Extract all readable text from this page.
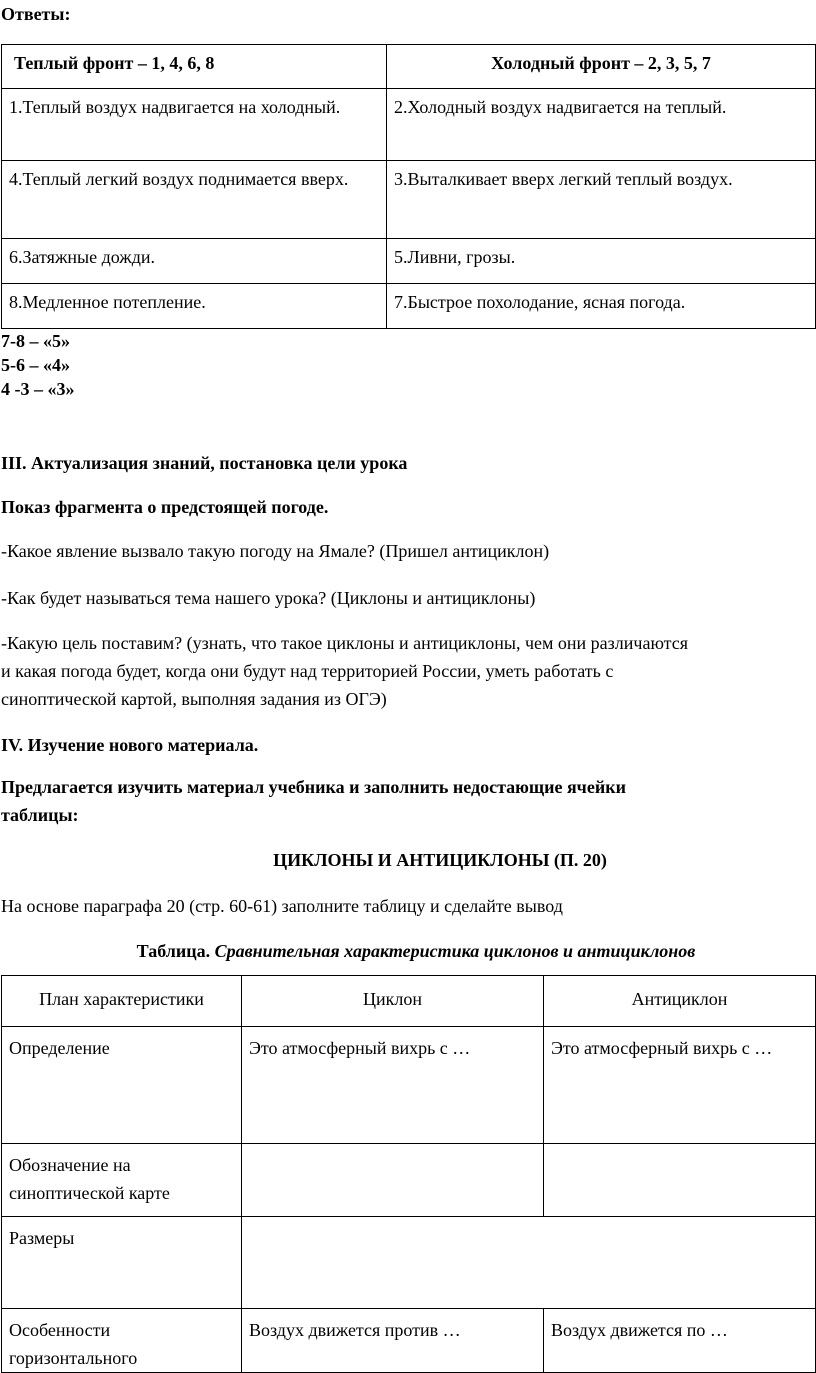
Ответы:
Теплый фронт – 1, 4, 6, 8	Холодный фронт – 2, 3, 5, 7
1.Теплый воздух надвигается на холодный.	2.Холодный воздух надвигается на теплый.
4.Теплый легкий воздух поднимается вверх.	3.Выталкивает вверх легкий теплый воздух.
6.Затяжные дожди.	5.Ливни, грозы.
8.Медленное потепление.	7.Быстрое похолодание, ясная погода.
7-8 – «5»
5-6 – «4»
4 -3 – «3»
III. Актуализация знаний, постановка цели урока
Показ фрагмента о предстоящей погоде.
-Какое явление вызвало такую погоду на Ямале? (Пришел антициклон)
-Как будет называться тема нашего урока? (Циклоны и антициклоны)
-Какую цель поставим? (узнать, что такое циклоны и антициклоны, чем они различаются
и какая погода будет, когда они будут над территорией России, уметь работать с
синоптической картой, выполняя задания из ОГЭ)
IV. Изучение нового материала.
Предлагается изучить материал учебника и заполнить недостающие ячейки
таблицы:
ЦИКЛОНЫ И АНТИЦИКЛОНЫ (П. 20)
На основе параграфа 20 (стр. 60-61) заполните таблицу и сделайте вывод
Таблица. Сравнительная характеристика циклонов и антициклонов
План характеристики	Циклон	Антициклон
Определение	Это атмосферный вихрь с …	Это атмосферный вихрь с …
Обозначение на синоптической карте		
Размеры		
Особенности горизонтального	Воздух движется против …	Воздух движется по …
